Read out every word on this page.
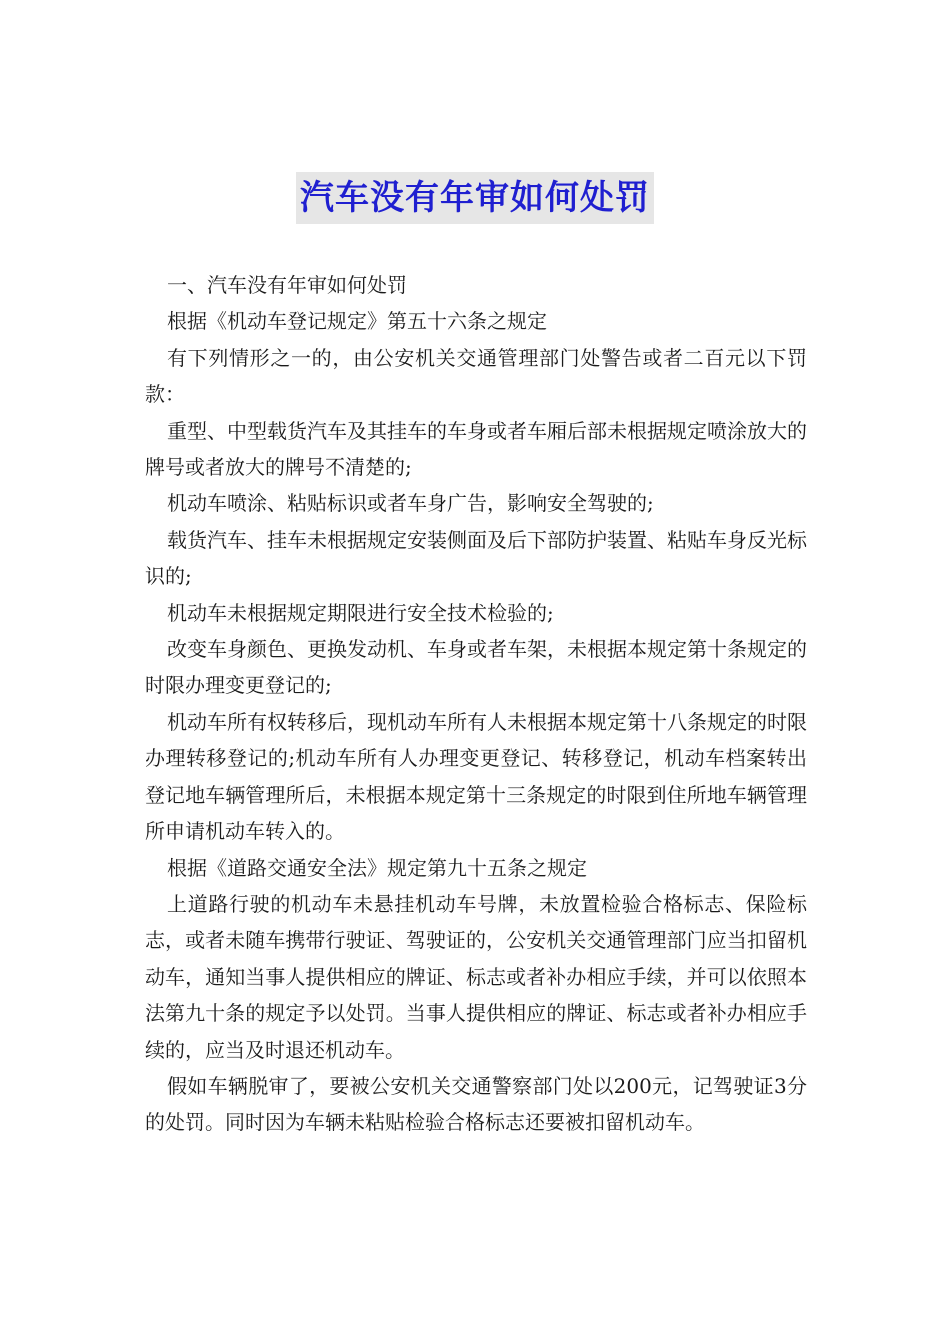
汽车没有年审如何处罚

一、汽车没有年审如何处罚

根据《机动车登记规定》第五十六条之规定

有下列情形之一的，由公安机关交通管理部门处警告或者二百元以下罚款：

重型、中型载货汽车及其挂车的车身或者车厢后部未根据规定喷涂放大的牌号或者放大的牌号不清楚的;

机动车喷涂、粘贴标识或者车身广告，影响安全驾驶的;

载货汽车、挂车未根据规定安装侧面及后下部防护装置、粘贴车身反光标识的;

机动车未根据规定期限进行安全技术检验的;

改变车身颜色、更换发动机、车身或者车架，未根据本规定第十条规定的时限办理变更登记的;

机动车所有权转移后，现机动车所有人未根据本规定第十八条规定的时限办理转移登记的;机动车所有人办理变更登记、转移登记，机动车档案转出登记地车辆管理所后，未根据本规定第十三条规定的时限到住所地车辆管理所申请机动车转入的。

根据《道路交通安全法》规定第九十五条之规定

上道路行驶的机动车未悬挂机动车号牌，未放置检验合格标志、保险标志，或者未随车携带行驶证、驾驶证的，公安机关交通管理部门应当扣留机动车，通知当事人提供相应的牌证、标志或者补办相应手续，并可以依照本法第九十条的规定予以处罚。当事人提供相应的牌证、标志或者补办相应手续的，应当及时退还机动车。

假如车辆脱审了，要被公安机关交通警察部门处以200元，记驾驶证3分的处罚。同时因为车辆未粘贴检验合格标志还要被扣留机动车。
